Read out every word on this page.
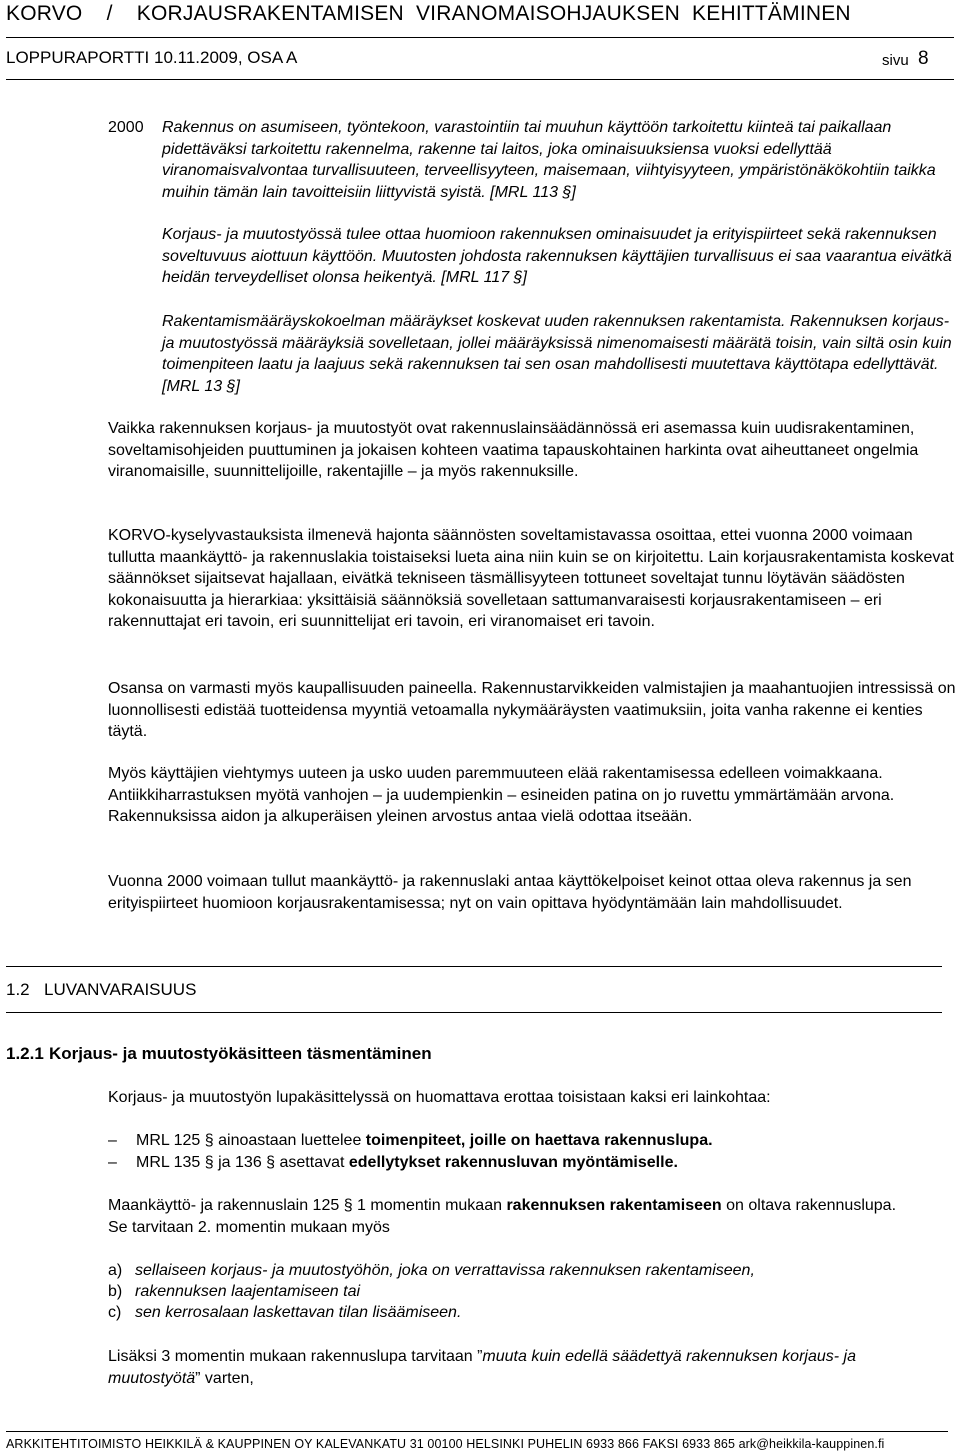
KORVO    /    KORJAUSRAKENTAMISEN  VIRANOMAISOHJAUKSEN  KEHITTÄMINEN
LOPPURAPORTTI 10.11.2009, OSA A	sivu 8
2000 Rakennus on asumiseen, työntekoon, varastointiin tai muuhun käyttöön tarkoitettu kiinteä tai paikallaan pidettäväksi tarkoitettu rakennelma, rakenne tai laitos, joka ominaisuuksiensa vuoksi edellyttää viranomaisvalvontaa turvallisuuteen, terveellisyyteen, maisemaan, viihtyisyyteen, ympäristönäkökohtiin taikka muihin tämän lain tavoitteisiin liittyvistä syistä. [MRL 113 §]

Korjaus- ja muutostyössä tulee ottaa huomioon rakennuksen ominaisuudet ja erityispiirteet sekä rakennuksen soveltuvuus aiottuun käyttöön. Muutosten johdosta rakennuksen käyttäjien turvallisuus ei saa vaarantua eivätkä heidän terveydelliset olonsa heikentyä. [MRL 117 §]

Rakentamismääräyskokoelman määräykset koskevat uuden rakennuksen rakentamista. Rakennuksen korjaus- ja muutostyössä määräyksiä sovelletaan, jollei määräyksissä nimenomaisesti määrätä toisin, vain siltä osin kuin toimenpiteen laatu ja laajuus sekä rakennuksen tai sen osan mahdollisesti muutettava käyttötapa edellyttävät. [MRL 13 §]

Vaikka rakennuksen korjaus- ja muutostyöt ovat rakennuslainsäädännössä eri asemassa kuin uudisrakentaminen, soveltamisohjeiden puuttuminen ja jokaisen kohteen vaatima tapauskohtainen harkinta ovat aiheuttaneet ongelmia viranomaisille, suunnittelijoille, rakentajille – ja myös rakennuksille.

KORVO-kyselyvastauksista ilmenevä hajonta säännösten soveltamistavassa osoittaa, ettei vuonna 2000 voimaan tullutta maankäyttö- ja rakennuslakia toistaiseksi lueta aina niin kuin se on kirjoitettu. Lain korjausrakentamista koskevat säännökset sijaitsevat hajallaan, eivätkä tekniseen täsmällisyyteen tottuneet soveltajat tunnu löytävän säädösten kokonaisuutta ja hierarkiaa: yksittäisiä säännöksiä sovelletaan sattumanvaraisesti korjausrakentamiseen – eri rakennuttajat eri tavoin, eri suunnittelijat eri tavoin, eri viranomaiset eri tavoin.

Osansa on varmasti myös kaupallisuuden paineella. Rakennustarvikkeiden valmistajien ja maahantuojien intressissä on luonnollisesti edistää tuotteidensa myyntiä vetoamalla nykymääräysten vaatimuksiin, joita vanha rakenne ei kenties täytä.

Myös käyttäjien viehtymys uuteen ja usko uuden paremmuuteen elää rakentamisessa edelleen voimakkaana. Antiikkiharrastuksen myötä vanhojen – ja uudempienkin – esineiden patina on jo ruvettu ymmärtämään arvona. Rakennuksissa aidon ja alkuperäisen yleinen arvostus antaa vielä odottaa itseään.

Vuonna 2000 voimaan tullut maankäyttö- ja rakennuslaki antaa käyttökelpoiset keinot ottaa oleva rakennus ja sen erityispiirteet huomioon korjausrakentamisessa; nyt on vain opittava hyödyntämään lain mahdollisuudet.

1.2 LUVANVARAISUUS
1.2.1 Korjaus- ja muutostyökäsitteen täsmentäminen

Korjaus- ja muutostyön lupakäsittelyssä on huomattava erottaa toisistaan kaksi eri lainkohtaa:

– MRL 125 § ainoastaan luettelee toimenpiteet, joille on haettava rakennuslupa.
– MRL 135 § ja 136 § asettavat edellytykset rakennusluvan myöntämiselle.

Maankäyttö- ja rakennuslain 125 § 1 momentin mukaan rakennuksen rakentamiseen on oltava rakennuslupa. Se tarvitaan 2. momentin mukaan myös

a) sellaiseen korjaus- ja muutostyöhön, joka on verrattavissa rakennuksen rakentamiseen,
b) rakennuksen laajentamiseen tai
c) sen kerrosalaan laskettavan tilan lisäämiseen.

Lisäksi 3 momentin mukaan rakennuslupa tarvitaan ”muuta kuin edellä säädettyä rakennuksen korjaus- ja muutostyötä” varten,

ARKKITEHTITOIMISTO HEIKKILÄ & KAUPPINEN OY KALEVANKATU 31 00100 HELSINKI PUHELIN 6933 866 FAKSI 6933 865 ark@heikkila-kauppinen.fi
